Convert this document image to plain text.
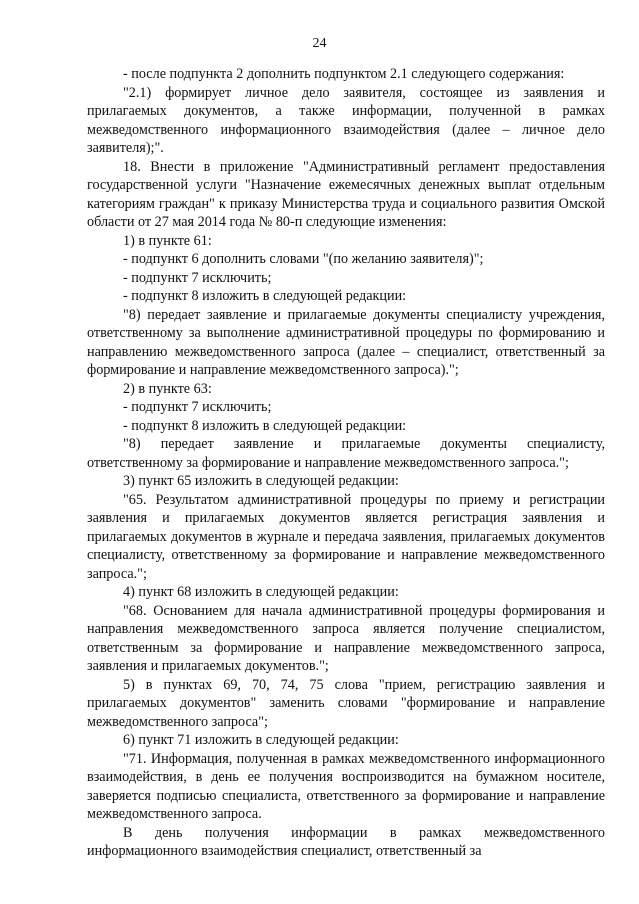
24

- после подпункта 2 дополнить подпунктом 2.1 следующего содержания:

"2.1) формирует личное дело заявителя, состоящее из заявления и прилагаемых документов, а также информации, полученной в рамках межведомственного информационного взаимодействия (далее – личное дело заявителя);".

18. Внести в приложение "Административный регламент предоставления государственной услуги "Назначение ежемесячных денежных выплат отдельным категориям граждан" к приказу Министерства труда и социального развития Омской области от 27 мая 2014 года № 80-п следующие изменения:

1) в пункте 61:

- подпункт 6 дополнить словами "(по желанию заявителя)";

- подпункт 7 исключить;

- подпункт 8 изложить в следующей редакции:

"8) передает заявление и прилагаемые документы специалисту учреждения, ответственному за выполнение административной процедуры по формированию и направлению межведомственного запроса (далее – специалист, ответственный за формирование и направление межведомственного запроса).";

2) в пункте 63:

- подпункт 7 исключить;

- подпункт 8 изложить в следующей редакции:

"8) передает заявление и прилагаемые документы специалисту, ответственному за формирование и направление межведомственного запроса.";

3) пункт 65 изложить в следующей редакции:

"65. Результатом административной процедуры по приему и регистрации заявления и прилагаемых документов является регистрация заявления и прилагаемых документов в журнале и передача заявления, прилагаемых документов специалисту, ответственному за формирование и направление межведомственного запроса.";

4) пункт 68 изложить в следующей редакции:

"68. Основанием для начала административной процедуры формирования и направления межведомственного запроса является получение специалистом, ответственным за формирование и направление межведомственного запроса, заявления и прилагаемых документов.";

5) в пунктах 69, 70, 74, 75 слова "прием, регистрацию заявления и прилагаемых документов" заменить словами "формирование и направление межведомственного запроса";

6) пункт 71 изложить в следующей редакции:

"71. Информация, полученная в рамках межведомственного информационного взаимодействия, в день ее получения воспроизводится на бумажном носителе, заверяется подписью специалиста, ответственного за формирование и направление межведомственного запроса.

В день получения информации в рамках межведомственного информационного взаимодействия специалист, ответственный за
